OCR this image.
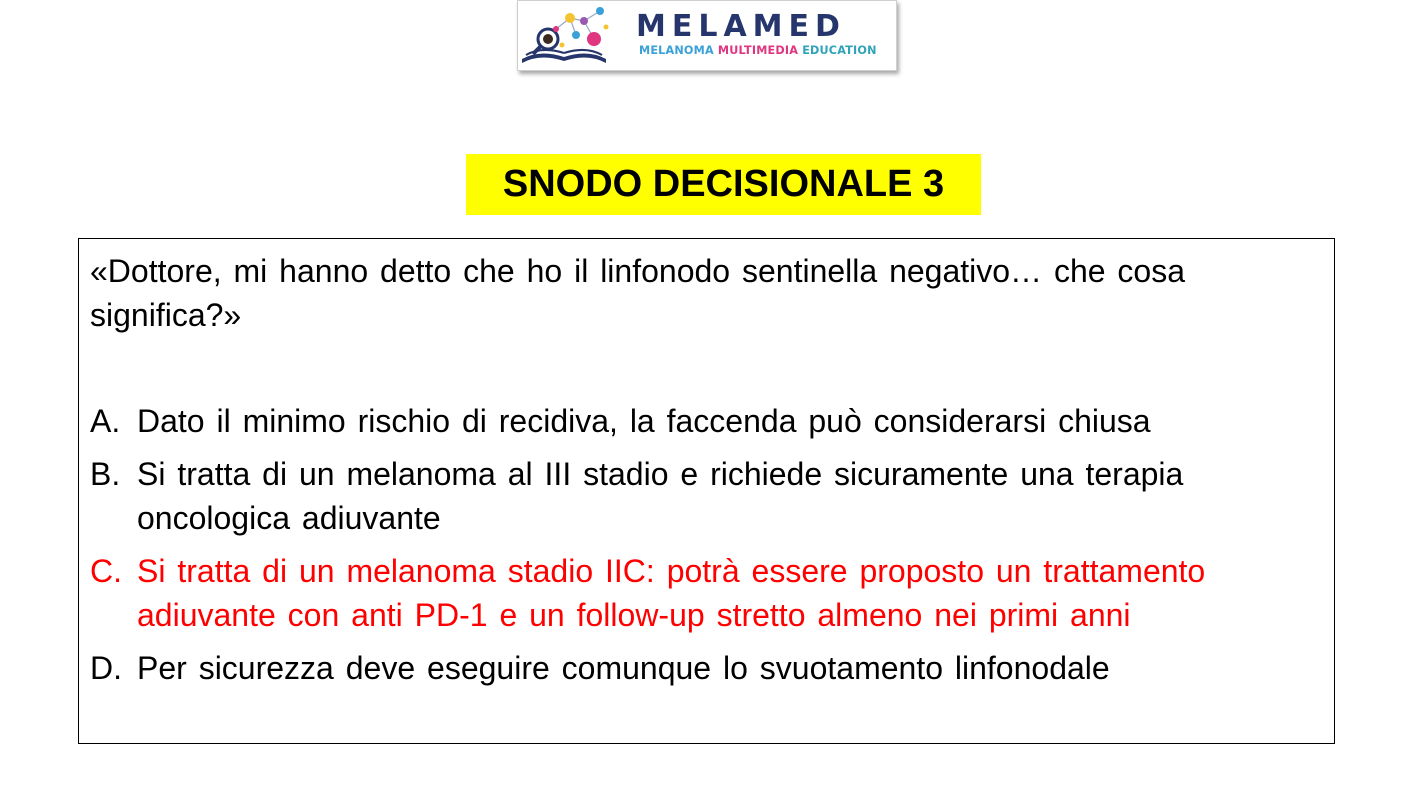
MELAMED
MELANOMA MULTIMEDIA EDUCATION
SNODO DECISIONALE 3
«Dottore, mi hanno detto che ho il linfonodo sentinella negativo… che cosa significa?»
A. Dato il minimo rischio di recidiva, la faccenda può considerarsi chiusa
B. Si tratta di un melanoma al III stadio e richiede sicuramente una terapia oncologica adiuvante
C. Si tratta di un melanoma stadio IIC: potrà essere proposto un trattamento adiuvante con anti PD-1 e un follow-up stretto almeno nei primi anni
D. Per sicurezza deve eseguire comunque lo svuotamento linfonodale
